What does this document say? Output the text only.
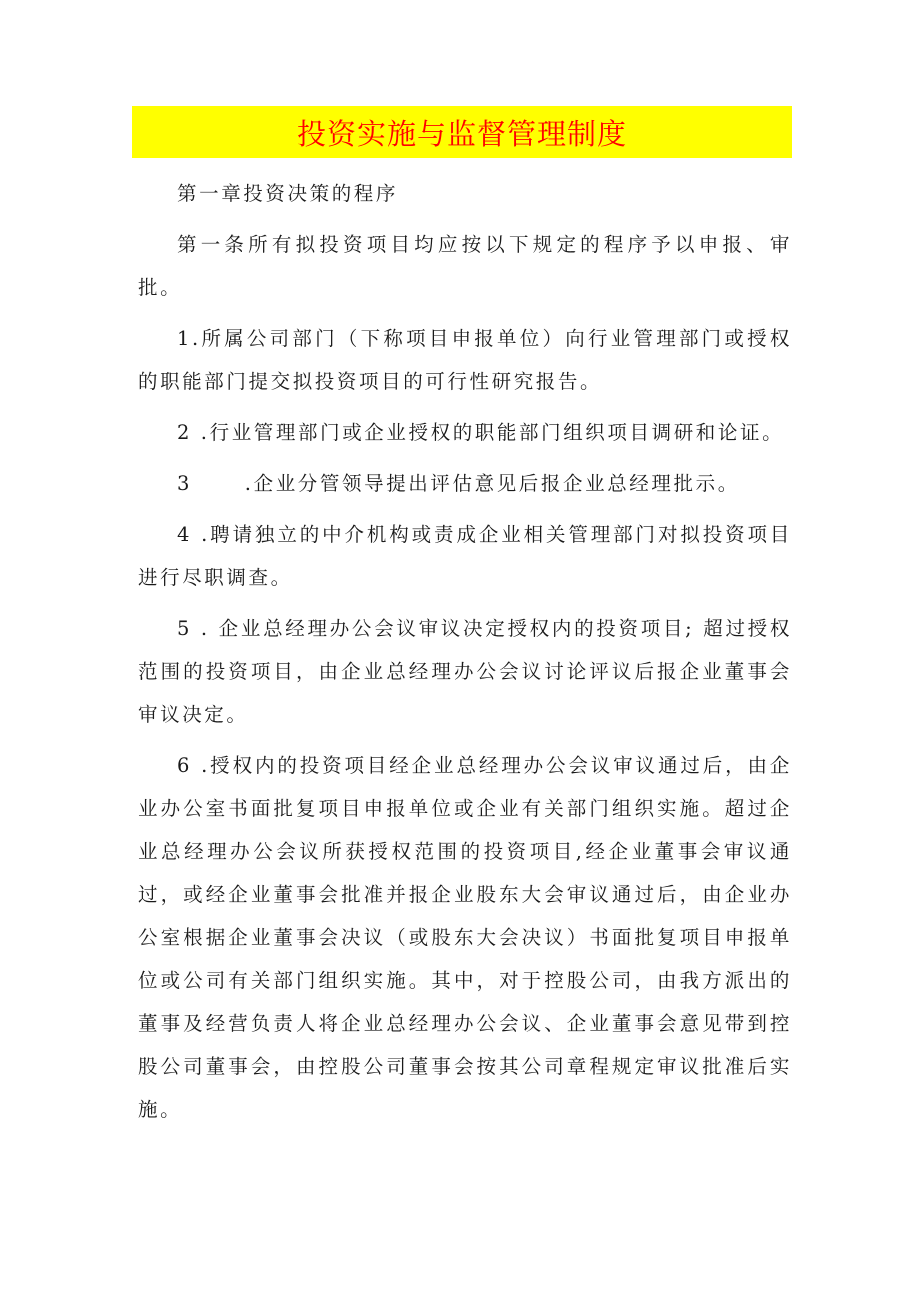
投资实施与监督管理制度

第一章投资决策的程序

第一条所有拟投资项目均应按以下规定的程序予以申报、审批。

1.所属公司部门（下称项目申报单位）向行业管理部门或授权的职能部门提交拟投资项目的可行性研究报告。

2 .行业管理部门或企业授权的职能部门组织项目调研和论证。

3      .企业分管领导提出评估意见后报企业总经理批示。

4 .聘请独立的中介机构或责成企业相关管理部门对拟投资项目进行尽职调查。

5 . 企业总经理办公会议审议决定授权内的投资项目; 超过授权范围的投资项目，由企业总经理办公会议讨论评议后报企业董事会审议决定。

6 .授权内的投资项目经企业总经理办公会议审议通过后，由企业办公室书面批复项目申报单位或企业有关部门组织实施。超过企业总经理办公会议所获授权范围的投资项目,经企业董事会审议通过，或经企业董事会批准并报企业股东大会审议通过后，由企业办公室根据企业董事会决议（或股东大会决议）书面批复项目申报单位或公司有关部门组织实施。其中，对于控股公司，由我方派出的董事及经营负责人将企业总经理办公会议、企业董事会意见带到控股公司董事会，由控股公司董事会按其公司章程规定审议批准后实施。
